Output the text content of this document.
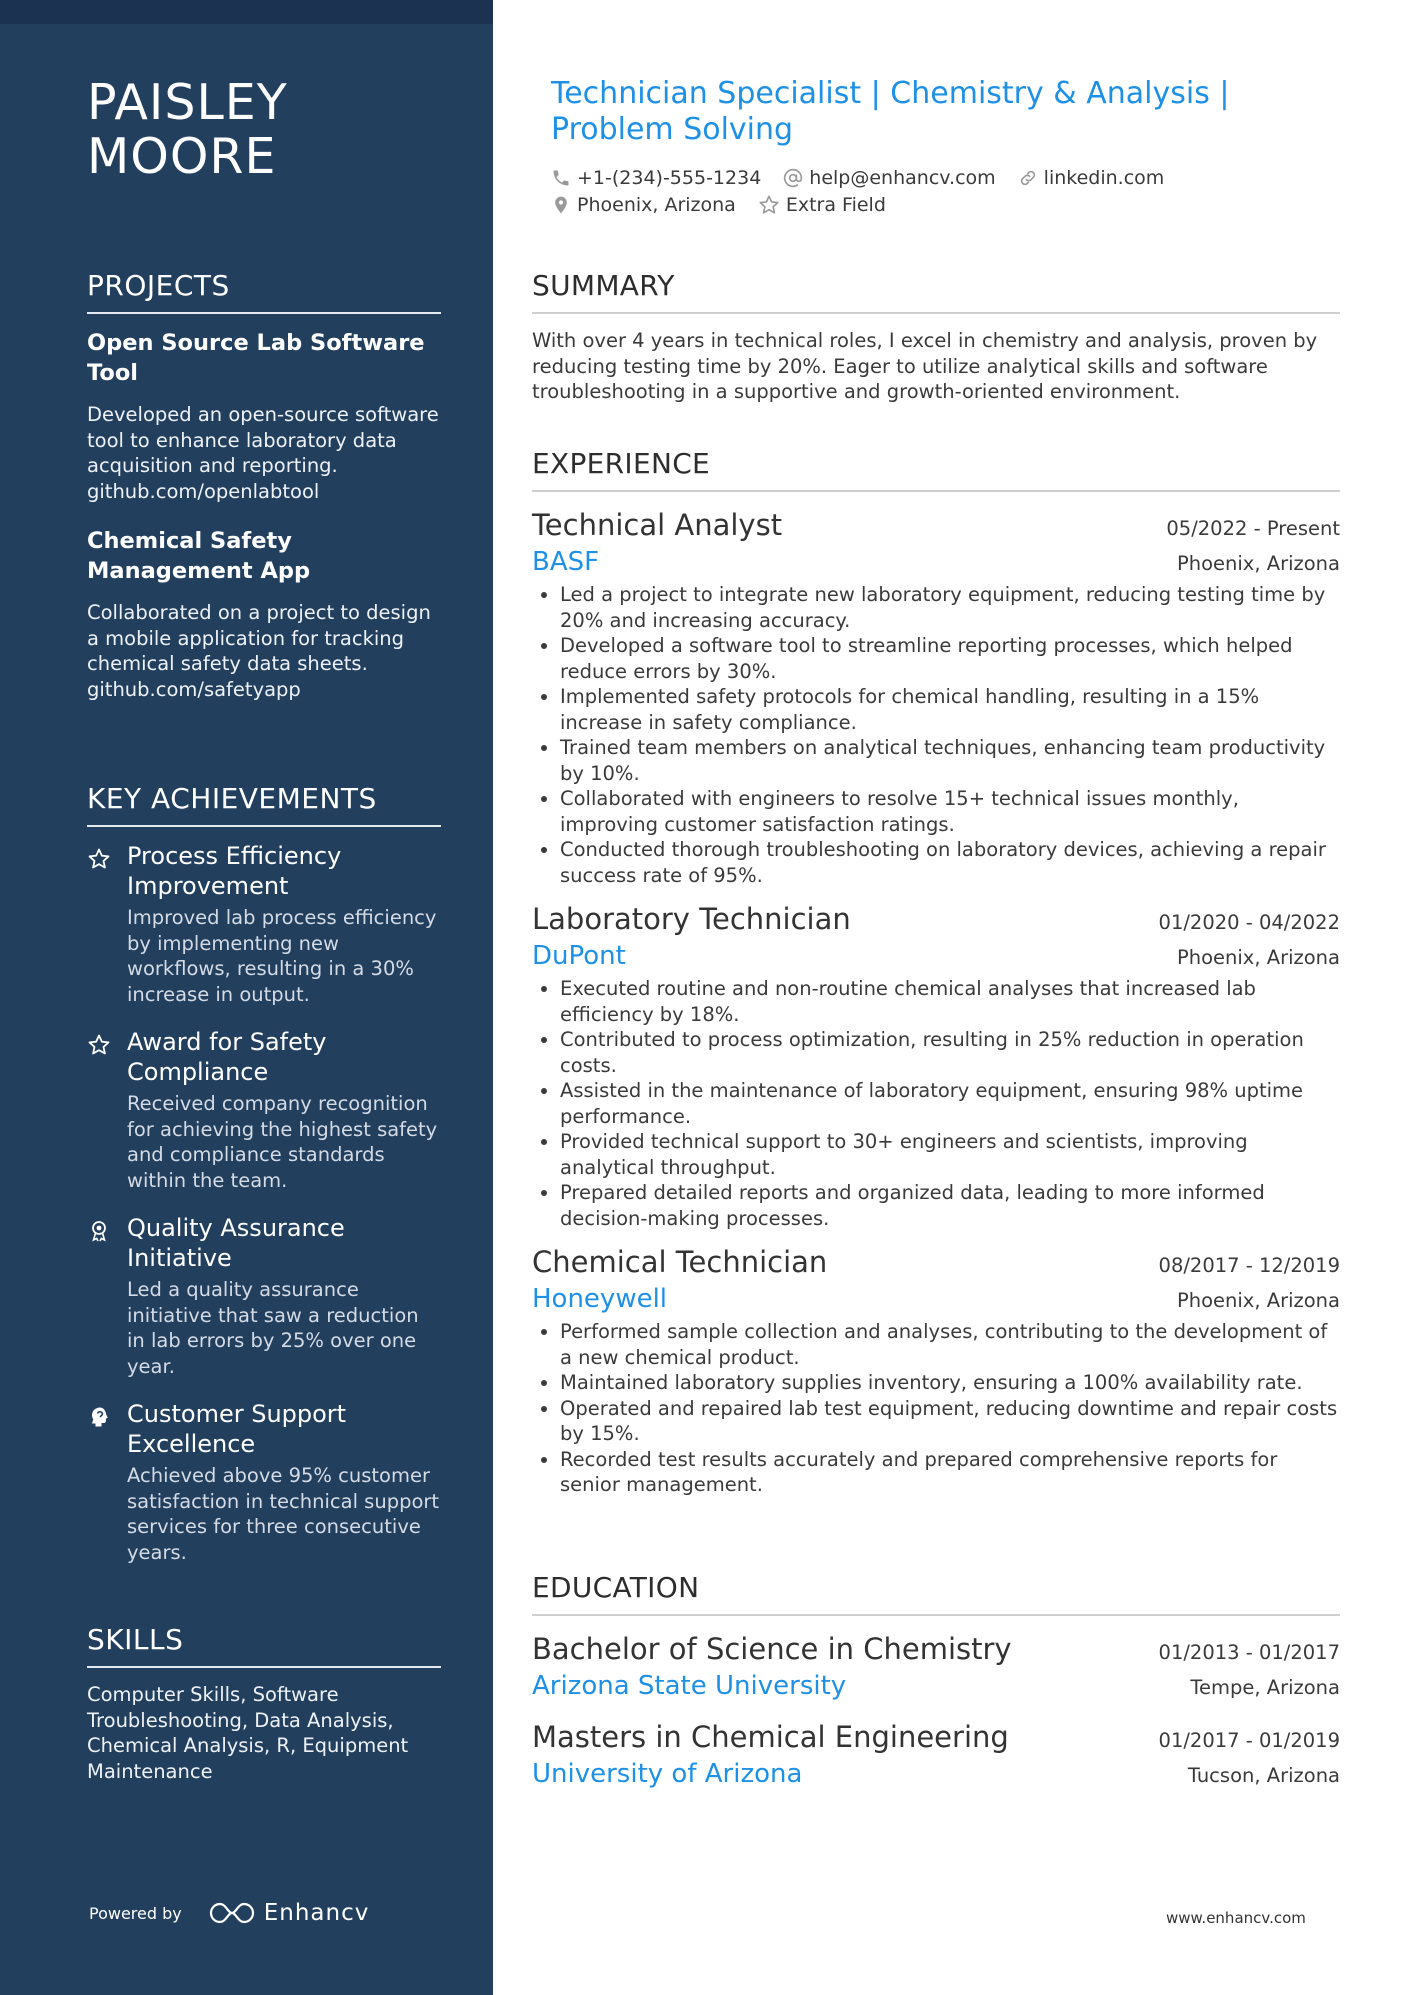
PAISLEY MOORE
PROJECTS
Open Source Lab Software Tool
Developed an open-source software tool to enhance laboratory data acquisition and reporting. github.com/openlabtool
Chemical Safety Management App
Collaborated on a project to design a mobile application for tracking chemical safety data sheets. github.com/safetyapp
KEY ACHIEVEMENTS
Process Efficiency Improvement
Improved lab process efficiency by implementing new workflows, resulting in a 30% increase in output.
Award for Safety Compliance
Received company recognition for achieving the highest safety and compliance standards within the team.
Quality Assurance Initiative
Led a quality assurance initiative that saw a reduction in lab errors by 25% over one year.
Customer Support Excellence
Achieved above 95% customer satisfaction in technical support services for three consecutive years.
SKILLS
Computer Skills, Software Troubleshooting, Data Analysis, Chemical Analysis, R, Equipment Maintenance
Powered by	Enhancv
Technician Specialist | Chemistry & Analysis | Problem Solving
+1-(234)-555-1234	help@enhancv.com	linkedin.com
Phoenix, Arizona	Extra Field
SUMMARY
With over 4 years in technical roles, I excel in chemistry and analysis, proven by reducing testing time by 20%. Eager to utilize analytical skills and software troubleshooting in a supportive and growth-oriented environment.
EXPERIENCE
Technical Analyst	05/2022 - Present
BASF	Phoenix, Arizona
• Led a project to integrate new laboratory equipment, reducing testing time by 20% and increasing accuracy.
• Developed a software tool to streamline reporting processes, which helped reduce errors by 30%.
• Implemented safety protocols for chemical handling, resulting in a 15% increase in safety compliance.
• Trained team members on analytical techniques, enhancing team productivity by 10%.
• Collaborated with engineers to resolve 15+ technical issues monthly, improving customer satisfaction ratings.
• Conducted thorough troubleshooting on laboratory devices, achieving a repair success rate of 95%.
Laboratory Technician	01/2020 - 04/2022
DuPont	Phoenix, Arizona
• Executed routine and non-routine chemical analyses that increased lab efficiency by 18%.
• Contributed to process optimization, resulting in 25% reduction in operation costs.
• Assisted in the maintenance of laboratory equipment, ensuring 98% uptime performance.
• Provided technical support to 30+ engineers and scientists, improving analytical throughput.
• Prepared detailed reports and organized data, leading to more informed decision-making processes.
Chemical Technician	08/2017 - 12/2019
Honeywell	Phoenix, Arizona
• Performed sample collection and analyses, contributing to the development of a new chemical product.
• Maintained laboratory supplies inventory, ensuring a 100% availability rate.
• Operated and repaired lab test equipment, reducing downtime and repair costs by 15%.
• Recorded test results accurately and prepared comprehensive reports for senior management.
EDUCATION
Bachelor of Science in Chemistry	01/2013 - 01/2017
Arizona State University	Tempe, Arizona
Masters in Chemical Engineering	01/2017 - 01/2019
University of Arizona	Tucson, Arizona
www.enhancv.com
